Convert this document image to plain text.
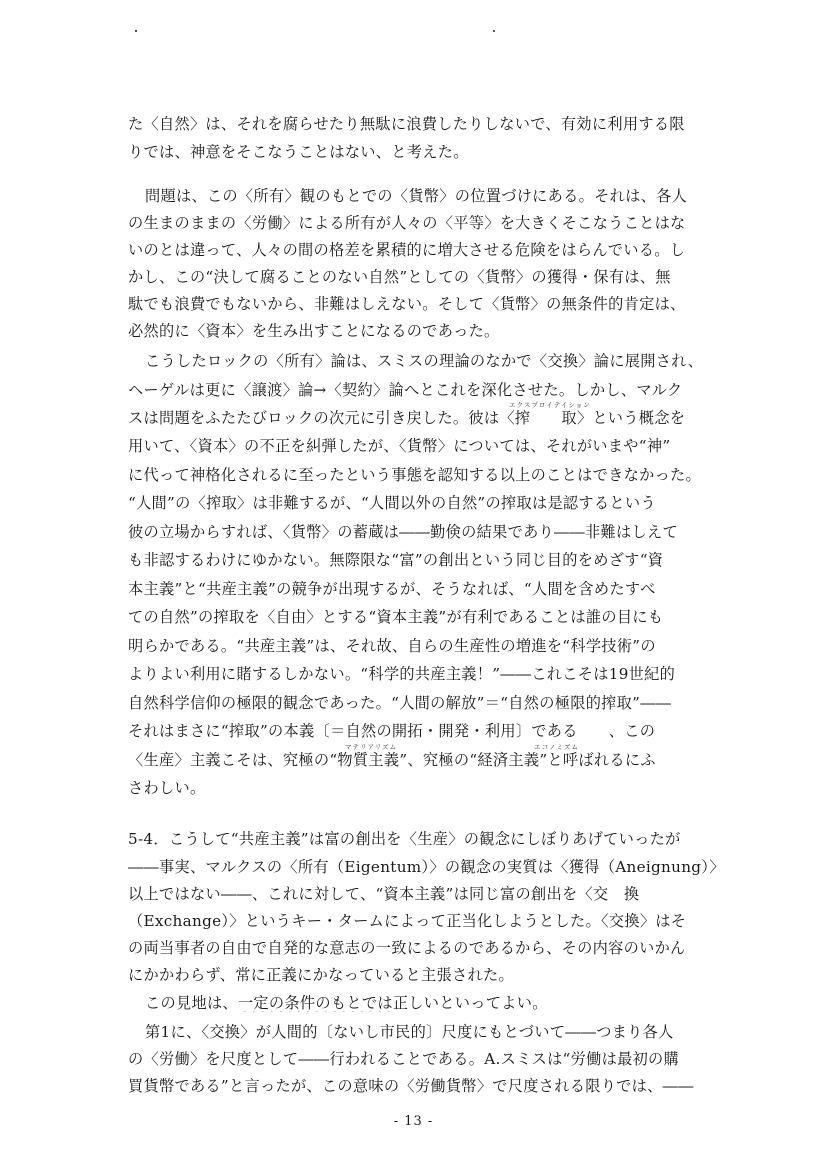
た〈自然〉は、それを腐らせたり無駄に浪費したりしないで、有効に利用する限
りでは、神意をそこなうことはない、と考えた。
問題は、この〈所有〉観のもとでの〈貨幣〉の位置づけにある。それは、各人
の生まのままの〈労働〉による所有が人々の〈平等〉を大きくそこなうことはな
いのとは違って、人々の間の格差を累積的に増大させる危険をはらんでいる。し
かし、この“決して腐ることのない自然”としての〈貨幣〉の獲得・保有は、無
駄でも浪費でもないから、非難はしえない。そして〈貨幣〉の無条件的肯定は、
必然的に〈資本〉を生み出すことになるのであった。
こうしたロックの〈所有〉論は、スミスの理論のなかで〈交換〉論に展開され、
ヘーゲルは更に〈譲渡〉論→〈契約〉論へとこれを深化させた。しかし、マルク
エクスプロイテイション
スは問題をふたたびロックの次元に引き戻した。彼は〈搾　　取〉という概念を
用いて、〈資本〉の不正を糾弾したが、〈貨幣〉については、それがいまや“神”
に代って神格化されるに至ったという事態を認知する以上のことはできなかった。
“人間”の〈搾取〉は非難するが、“人間以外の自然”の搾取は是認するという
彼の立場からすれば、〈貨幣〉の蓄蔵は――勤倹の結果であり――非難はしえて
も非認するわけにゆかない。無際限な“富”の創出という同じ目的をめざす“資
本主義”と“共産主義”の競争が出現するが、そうなれば、“人間を含めたすべ
ての自然”の搾取を〈自由〉とする“資本主義”が有利であることは誰の目にも
明らかである。“共産主義”は、それ故、自らの生産性の増進を“科学技術”の
よりよい利用に賭するしかない。“科学的共産主義！”――これこそは19世紀的
自然科学信仰の極限的観念であった。“人間の解放”＝“自然の極限的搾取”――
それはまさに“搾取”の本義〔＝自然の開拓・開発・利用〕である　　、この
マテリアリズム	エコノミズム
〈生産〉主義こそは、究極の“物質主義”、究極の“経済主義”と呼ばれるにふ
さわしい。
5-4．こうして“共産主義”は富の創出を〈生産〉の観念にしぼりあげていったが
――事実、マルクスの〈所有（Eigentum）〉の観念の実質は〈獲得（Aneignung）〉
以上ではない――、これに対して、“資本主義”は同じ富の創出を〈交　換
（Exchange）〉というキー・タームによって正当化しようとした。〈交換〉はそ
の両当事者の自由で自発的な意志の一致によるのであるから、その内容のいかん
にかかわらず、常に正義にかなっていると主張された。
この見地は、一定の条件のもとでは正しいといってよい。
第1に、〈交換〉が人間的〔ないし市民的〕尺度にもとづいて――つまり各人
の〈労働〉を尺度として――行われることである。A.スミスは“労働は最初の購
買貨幣である”と言ったが、この意味の〈労働貨幣〉で尺度される限りでは、――
- 13 -
